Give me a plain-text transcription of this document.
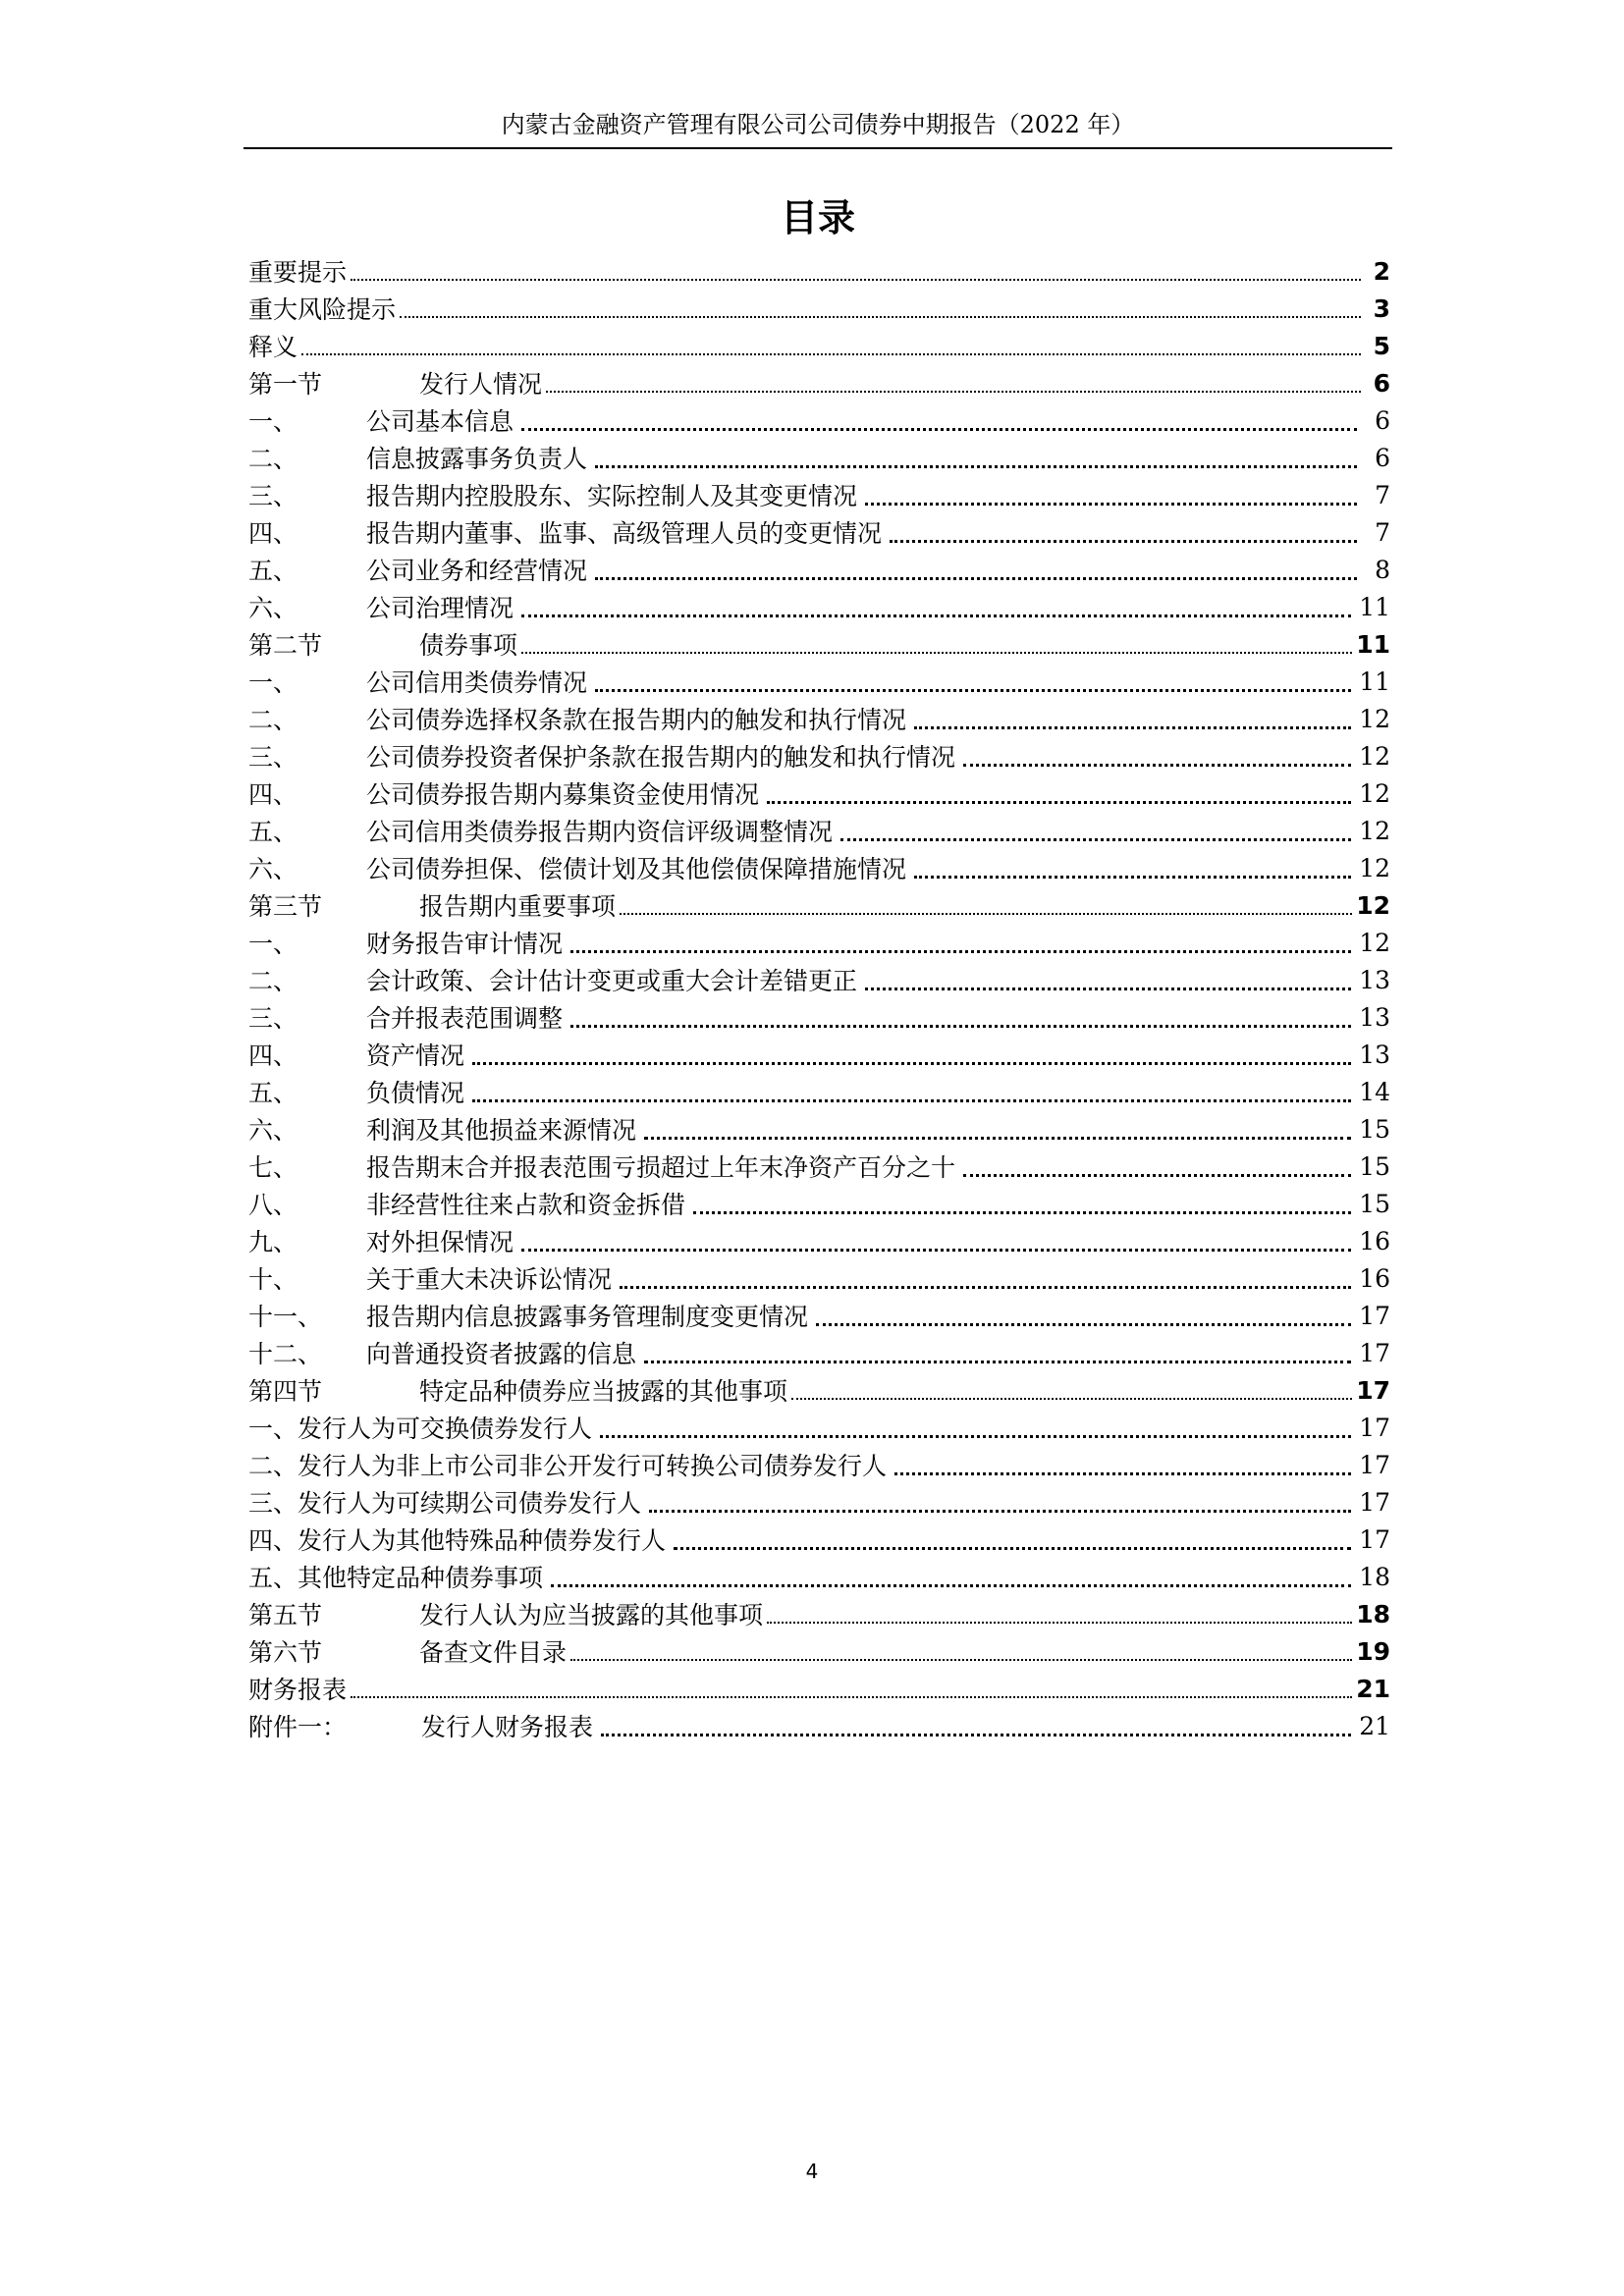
内蒙古金融资产管理有限公司公司债券中期报告（2022 年）
目录
重要提示	2
重大风险提示	3
释义	5
第一节	发行人情况	6
一、	公司基本信息	6
二、	信息披露事务负责人	6
三、	报告期内控股股东、实际控制人及其变更情况	7
四、	报告期内董事、监事、高级管理人员的变更情况	7
五、	公司业务和经营情况	8
六、	公司治理情况	11
第二节	债券事项	11
一、	公司信用类债券情况	11
二、	公司债券选择权条款在报告期内的触发和执行情况	12
三、	公司债券投资者保护条款在报告期内的触发和执行情况	12
四、	公司债券报告期内募集资金使用情况	12
五、	公司信用类债券报告期内资信评级调整情况	12
六、	公司债券担保、偿债计划及其他偿债保障措施情况	12
第三节	报告期内重要事项	12
一、	财务报告审计情况	12
二、	会计政策、会计估计变更或重大会计差错更正	13
三、	合并报表范围调整	13
四、	资产情况	13
五、	负债情况	14
六、	利润及其他损益来源情况	15
七、	报告期末合并报表范围亏损超过上年末净资产百分之十	15
八、	非经营性往来占款和资金拆借	15
九、	对外担保情况	16
十、	关于重大未决诉讼情况	16
十一、	报告期内信息披露事务管理制度变更情况	17
十二、	向普通投资者披露的信息	17
第四节	特定品种债券应当披露的其他事项	17
一、发行人为可交换债券发行人	17
二、发行人为非上市公司非公开发行可转换公司债券发行人	17
三、发行人为可续期公司债券发行人	17
四、发行人为其他特殊品种债券发行人	17
五、其他特定品种债券事项	18
第五节	发行人认为应当披露的其他事项	18
第六节	备查文件目录	19
财务报表	21
附件一：	发行人财务报表	21
4
